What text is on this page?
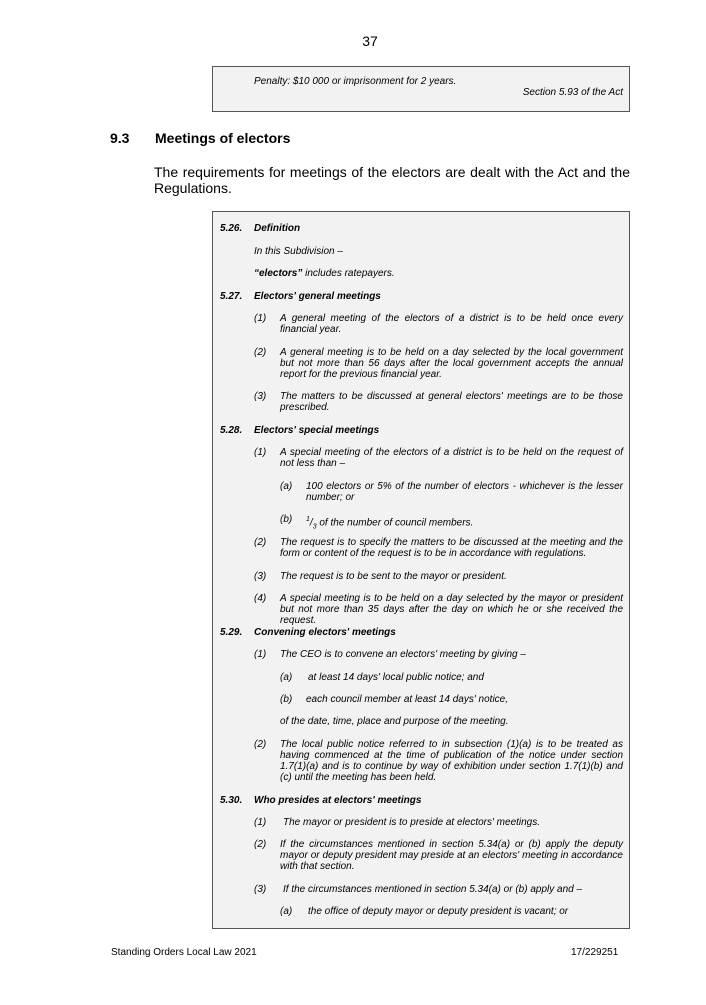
37
Penalty: $10 000 or imprisonment for 2 years.
Section 5.93 of the Act
9.3 Meetings of electors
The requirements for meetings of the electors are dealt with the Act and the Regulations.
5.26. Definition
In this Subdivision –
“electors” includes ratepayers.
5.27. Electors' general meetings
(1) A general meeting of the electors of a district is to be held once every financial year.
(2) A general meeting is to be held on a day selected by the local government but not more than 56 days after the local government accepts the annual report for the previous financial year.
(3) The matters to be discussed at general electors' meetings are to be those prescribed.
5.28. Electors' special meetings
(1) A special meeting of the electors of a district is to be held on the request of not less than –
(a) 100 electors or 5% of the number of electors - whichever is the lesser number; or
(b) $^1/_3$ of the number of council members.
(2) The request is to specify the matters to be discussed at the meeting and the form or content of the request is to be in accordance with regulations.
(3) The request is to be sent to the mayor or president.
(4) A special meeting is to be held on a day selected by the mayor or president but not more than 35 days after the day on which he or she received the request.
5.29. Convening electors' meetings
(1) The CEO is to convene an electors' meeting by giving –
(a) at least 14 days' local public notice; and
(b) each council member at least 14 days' notice,
of the date, time, place and purpose of the meeting.
(2) The local public notice referred to in subsection (1)(a) is to be treated as having commenced at the time of publication of the notice under section 1.7(1)(a) and is to continue by way of exhibition under section 1.7(1)(b) and (c) until the meeting has been held.
5.30. Who presides at electors' meetings
(1) The mayor or president is to preside at electors' meetings.
(2) If the circumstances mentioned in section 5.34(a) or (b) apply the deputy mayor or deputy president may preside at an electors' meeting in accordance with that section.
(3) If the circumstances mentioned in section 5.34(a) or (b) apply and –
(a) the office of deputy mayor or deputy president is vacant; or
Standing Orders Local Law 2021	17/229251
